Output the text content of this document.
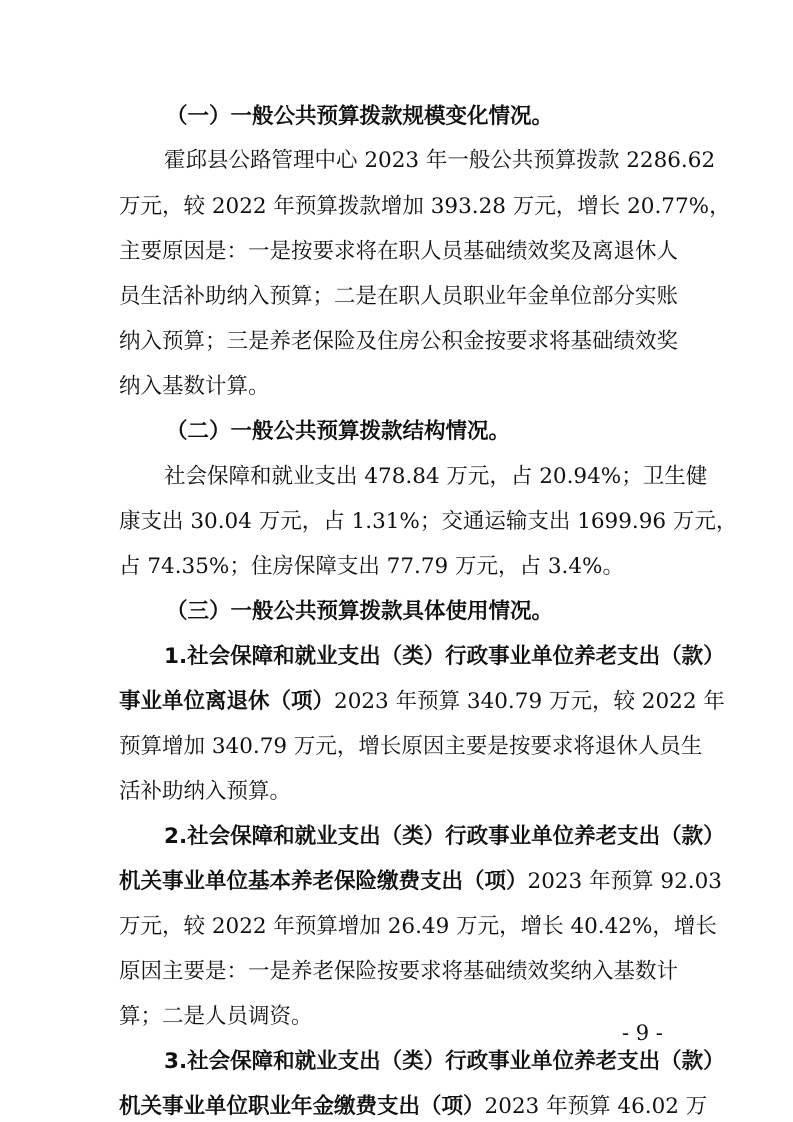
（一）一般公共预算拨款规模变化情况。
霍邱县公路管理中心 2023 年一般公共预算拨款 2286.62
万元，较 2022 年预算拨款增加 393.28 万元，增长 20.77%，
主要原因是：一是按要求将在职人员基础绩效奖及离退休人
员生活补助纳入预算；二是在职人员职业年金单位部分实账
纳入预算；三是养老保险及住房公积金按要求将基础绩效奖
纳入基数计算。
（二）一般公共预算拨款结构情况。
社会保障和就业支出 478.84 万元，占 20.94%；卫生健
康支出 30.04 万元，占 1.31%；交通运输支出 1699.96 万元，
占 74.35%；住房保障支出 77.79 万元，占 3.4%。
（三）一般公共预算拨款具体使用情况。
1.社会保障和就业支出（类）行政事业单位养老支出（款）
事业单位离退休（项）2023 年预算 340.79 万元，较 2022 年
预算增加 340.79 万元，增长原因主要是按要求将退休人员生
活补助纳入预算。
2.社会保障和就业支出（类）行政事业单位养老支出（款）
机关事业单位基本养老保险缴费支出（项）2023 年预算 92.03
万元，较 2022 年预算增加 26.49 万元，增长 40.42%，增长
原因主要是：一是养老保险按要求将基础绩效奖纳入基数计
算；二是人员调资。
3.社会保障和就业支出（类）行政事业单位养老支出（款）
机关事业单位职业年金缴费支出（项）2023 年预算 46.02 万
- 9 -
